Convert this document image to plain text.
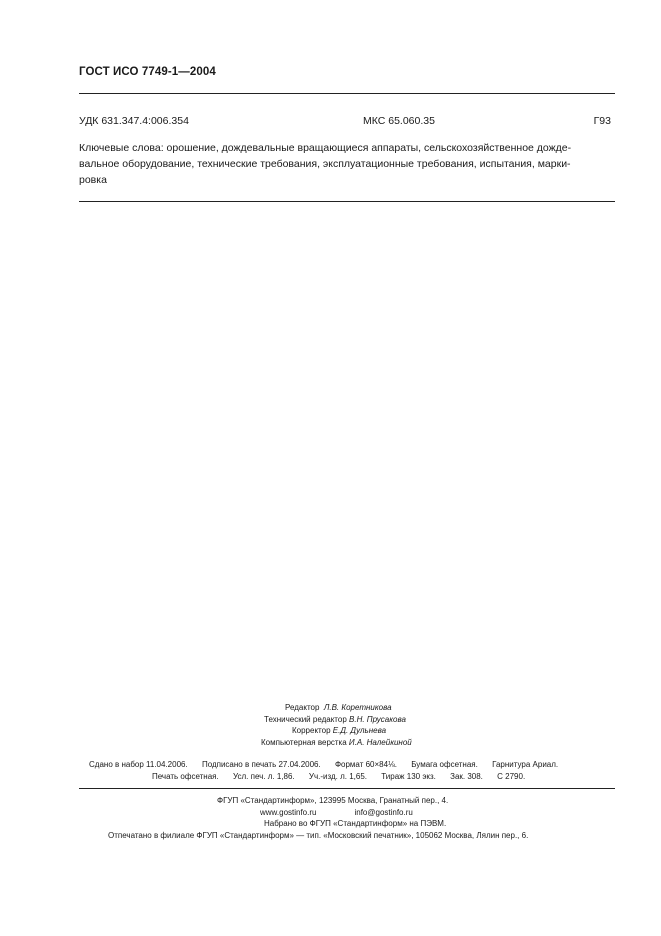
ГОСТ ИСО 7749-1—2004
УДК 631.347.4:006.354	МКС 65.060.35	Г93
Ключевые слова: орошение, дождевальные вращающиеся аппараты, сельскохозяйственное дожде-
вальное оборудование, технические требования, эксплуатационные требования, испытания, марки-
ровка
Редактор Л.В. Коретникова
Технический редактор В.Н. Прусакова
Корректор Е.Д. Дульнева
Компьютерная верстка И.А. Налейкиной
Сдано в набор 11.04.2006. Подписано в печать 27.04.2006. Формат 60×84⅛. Бумага офсетная. Гарнитура Ариал.
Печать офсетная. Усл. печ. л. 1,86. Уч.-изд. л. 1,65. Тираж 130 экз. Зак. 308. С 2790.
ФГУП «Стандартинформ», 123995 Москва, Гранатный пер., 4.
www.gostinfo.ru	info@gostinfo.ru
Набрано во ФГУП «Стандартинформ» на ПЭВМ.
Отпечатано в филиале ФГУП «Стандартинформ» — тип. «Московский печатник», 105062 Москва, Лялин пер., 6.
